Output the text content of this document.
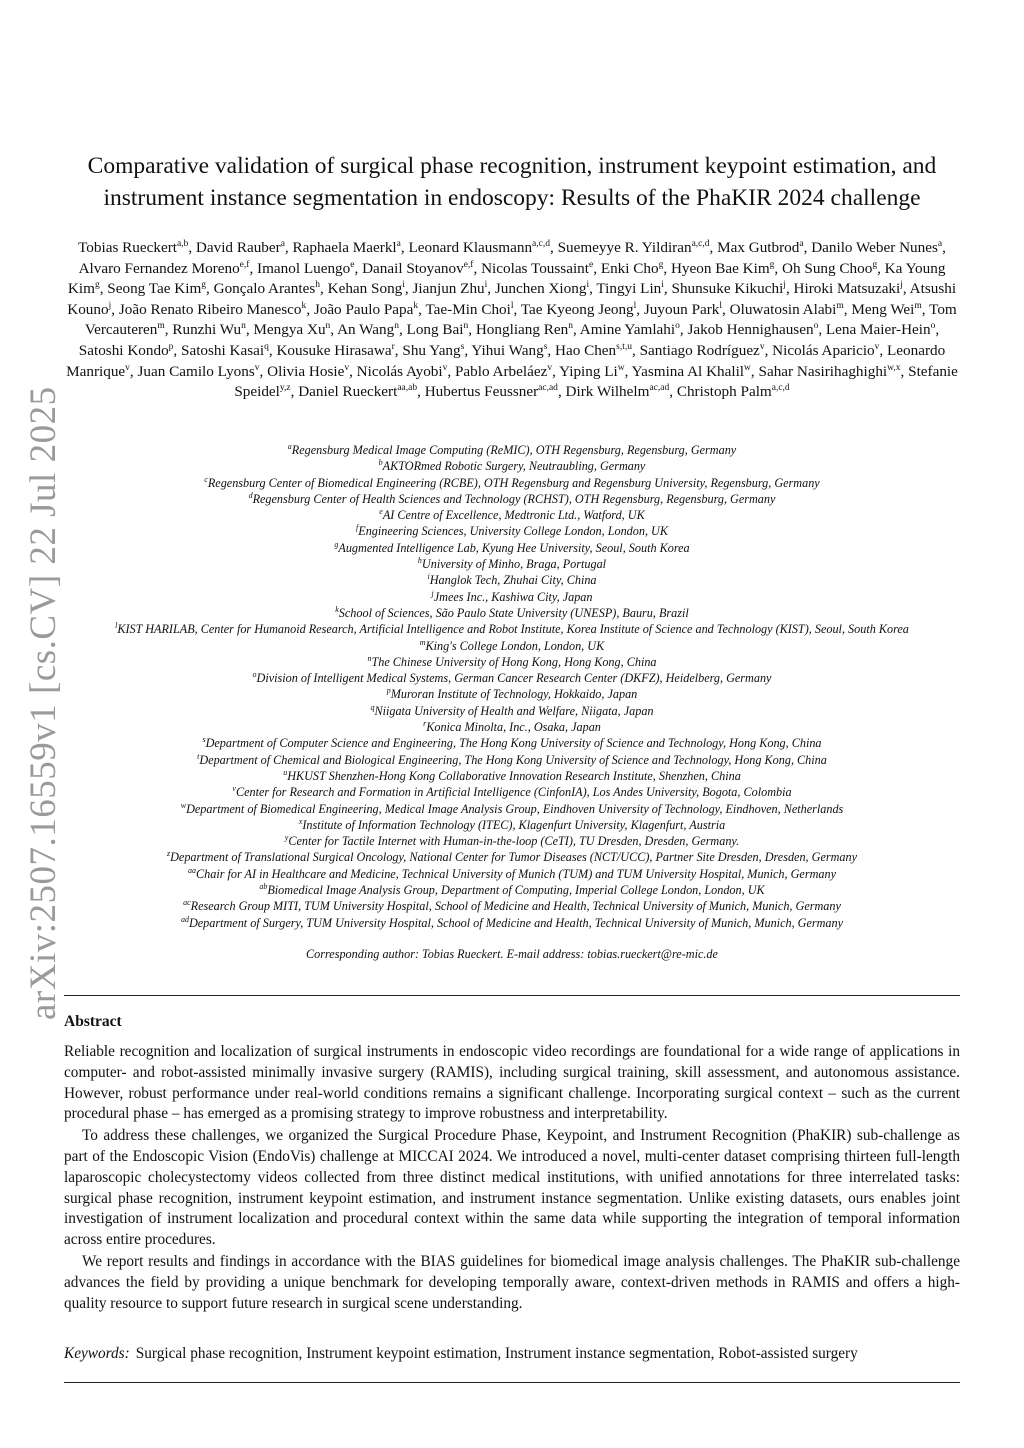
arXiv:2507.16559v1 [cs.CV] 22 Jul 2025
Comparative validation of surgical phase recognition, instrument keypoint estimation, and instrument instance segmentation in endoscopy: Results of the PhaKIR 2024 challenge
Tobias Rueckert$^{a,b}$, David Rauber$^a$, Raphaela Maerkl$^a$, Leonard Klausmann$^{a,c,d}$, Suemeyye R. Yildiran$^{a,c,d}$, Max Gutbrod$^a$, Danilo Weber Nunes$^a$, Alvaro Fernandez Moreno$^{e,f}$, Imanol Luengo$^e$, Danail Stoyanov$^{e,f}$, Nicolas Toussaint$^e$, Enki Cho$^g$, Hyeon Bae Kim$^g$, Oh Sung Choo$^g$, Ka Young Kim$^g$, Seong Tae Kim$^g$, Gonçalo Arantes$^h$, Kehan Song$^i$, Jianjun Zhu$^i$, Junchen Xiong$^i$, Tingyi Lin$^i$, Shunsuke Kikuchi$^j$, Hiroki Matsuzaki$^j$, Atsushi Kouno$^j$, João Renato Ribeiro Manesco$^k$, João Paulo Papa$^k$, Tae-Min Choi$^l$, Tae Kyeong Jeong$^l$, Juyoun Park$^l$, Oluwatosin Alabi$^m$, Meng Wei$^m$, Tom Vercauteren$^m$, Runzhi Wu$^n$, Mengya Xu$^n$, An Wang$^n$, Long Bai$^n$, Hongliang Ren$^n$, Amine Yamlahi$^o$, Jakob Hennighausen$^o$, Lena Maier-Hein$^o$, Satoshi Kondo$^p$, Satoshi Kasai$^q$, Kousuke Hirasawa$^r$, Shu Yang$^s$, Yihui Wang$^s$, Hao Chen$^{s,t,u}$, Santiago Rodríguez$^v$, Nicolás Aparicio$^v$, Leonardo Manrique$^v$, Juan Camilo Lyons$^v$, Olivia Hosie$^v$, Nicolás Ayobi$^v$, Pablo Arbeláez$^v$, Yiping Li$^w$, Yasmina Al Khalil$^w$, Sahar Nasirihaghighi$^{w,x}$, Stefanie Speidel$^{y,z}$, Daniel Rueckert$^{aa,ab}$, Hubertus Feussner$^{ac,ad}$, Dirk Wilhelm$^{ac,ad}$, Christoph Palm$^{a,c,d}$
$^a$Regensburg Medical Image Computing (ReMIC), OTH Regensburg, Regensburg, Germany
$^b$AKTORmed Robotic Surgery, Neutraubling, Germany
$^c$Regensburg Center of Biomedical Engineering (RCBE), OTH Regensburg and Regensburg University, Regensburg, Germany
$^d$Regensburg Center of Health Sciences and Technology (RCHST), OTH Regensburg, Regensburg, Germany
$^e$AI Centre of Excellence, Medtronic Ltd., Watford, UK
$^f$Engineering Sciences, University College London, London, UK
$^g$Augmented Intelligence Lab, Kyung Hee University, Seoul, South Korea
$^h$University of Minho, Braga, Portugal
$^i$Hanglok Tech, Zhuhai City, China
$^j$Jmees Inc., Kashiwa City, Japan
$^k$School of Sciences, São Paulo State University (UNESP), Bauru, Brazil
$^l$KIST HARILAB, Center for Humanoid Research, Artificial Intelligence and Robot Institute, Korea Institute of Science and Technology (KIST), Seoul, South Korea
$^m$King's College London, London, UK
$^n$The Chinese University of Hong Kong, Hong Kong, China
$^o$Division of Intelligent Medical Systems, German Cancer Research Center (DKFZ), Heidelberg, Germany
$^p$Muroran Institute of Technology, Hokkaido, Japan
$^q$Niigata University of Health and Welfare, Niigata, Japan
$^r$Konica Minolta, Inc., Osaka, Japan
$^s$Department of Computer Science and Engineering, The Hong Kong University of Science and Technology, Hong Kong, China
$^t$Department of Chemical and Biological Engineering, The Hong Kong University of Science and Technology, Hong Kong, China
$^u$HKUST Shenzhen-Hong Kong Collaborative Innovation Research Institute, Shenzhen, China
$^v$Center for Research and Formation in Artificial Intelligence (CinfonIA), Los Andes University, Bogota, Colombia
$^w$Department of Biomedical Engineering, Medical Image Analysis Group, Eindhoven University of Technology, Eindhoven, Netherlands
$^x$Institute of Information Technology (ITEC), Klagenfurt University, Klagenfurt, Austria
$^y$Center for Tactile Internet with Human-in-the-loop (CeTI), TU Dresden, Dresden, Germany.
$^z$Department of Translational Surgical Oncology, National Center for Tumor Diseases (NCT/UCC), Partner Site Dresden, Dresden, Germany
$^{aa}$Chair for AI in Healthcare and Medicine, Technical University of Munich (TUM) and TUM University Hospital, Munich, Germany
$^{ab}$Biomedical Image Analysis Group, Department of Computing, Imperial College London, London, UK
$^{ac}$Research Group MITI, TUM University Hospital, School of Medicine and Health, Technical University of Munich, Munich, Germany
$^{ad}$Department of Surgery, TUM University Hospital, School of Medicine and Health, Technical University of Munich, Munich, Germany
Corresponding author: Tobias Rueckert. E-mail address: tobias.rueckert@re-mic.de
Abstract

Reliable recognition and localization of surgical instruments in endoscopic video recordings are foundational for a wide range of applications in computer- and robot-assisted minimally invasive surgery (RAMIS), including surgical training, skill assessment, and autonomous assistance. However, robust performance under real-world conditions remains a significant challenge. Incorporating surgical context – such as the current procedural phase – has emerged as a promising strategy to improve robustness and interpretability.

To address these challenges, we organized the Surgical Procedure Phase, Keypoint, and Instrument Recognition (PhaKIR) sub-challenge as part of the Endoscopic Vision (EndoVis) challenge at MICCAI 2024. We introduced a novel, multi-center dataset comprising thirteen full-length laparoscopic cholecystectomy videos collected from three distinct medical institutions, with unified annotations for three interrelated tasks: surgical phase recognition, instrument keypoint estimation, and instrument instance segmentation. Unlike existing datasets, ours enables joint investigation of instrument localization and procedural context within the same data while supporting the integration of temporal information across entire procedures.

We report results and findings in accordance with the BIAS guidelines for biomedical image analysis challenges. The PhaKIR sub-challenge advances the field by providing a unique benchmark for developing temporally aware, context-driven methods in RAMIS and offers a high-quality resource to support future research in surgical scene understanding.

Keywords: Surgical phase recognition, Instrument keypoint estimation, Instrument instance segmentation, Robot-assisted surgery
